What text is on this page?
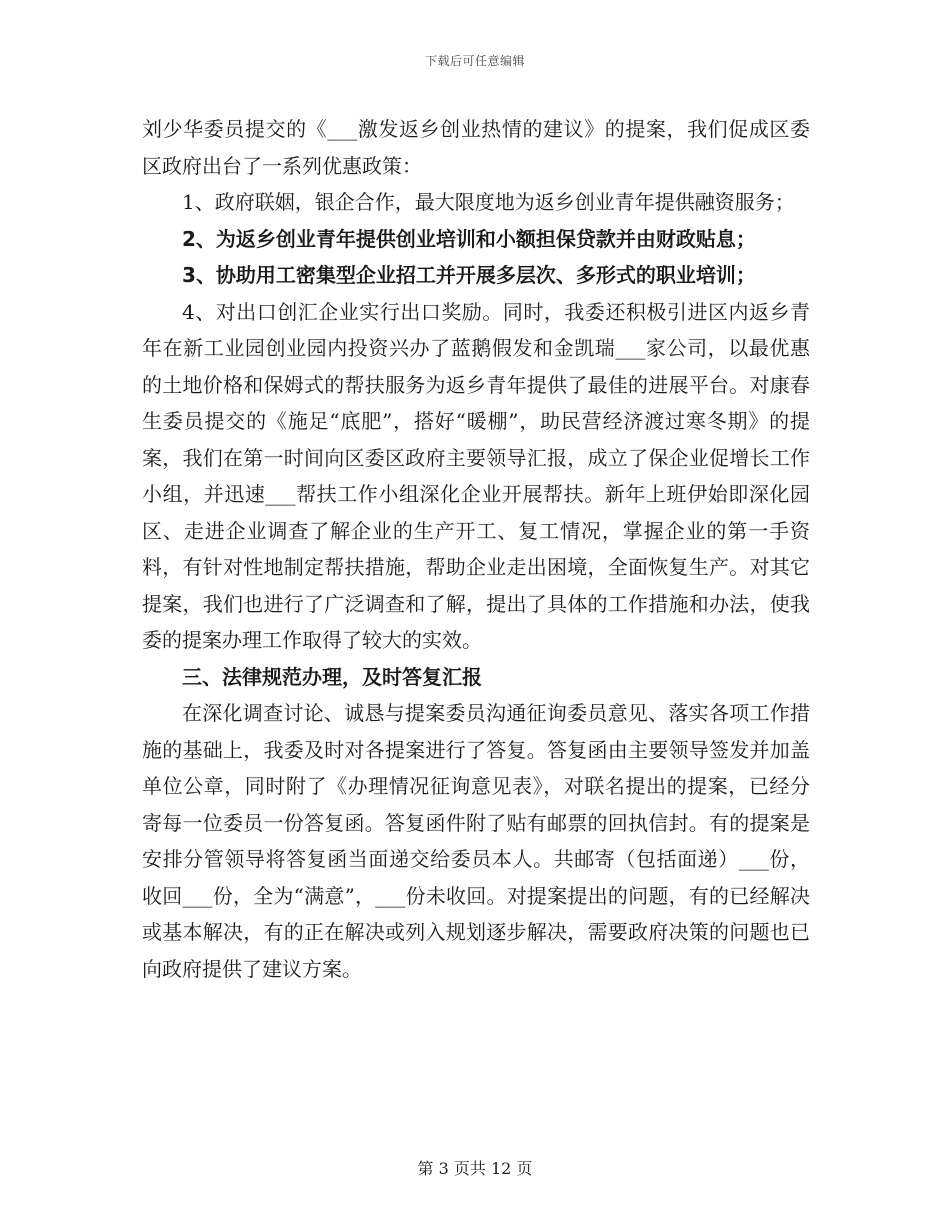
下载后可任意编辑

刘少华委员提交的《___激发返乡创业热情的建议》的提案，我们促成区委区政府出台了一系列优惠政策：

1、政府联姻，银企合作，最大限度地为返乡创业青年提供融资服务；

2、为返乡创业青年提供创业培训和小额担保贷款并由财政贴息；

3、协助用工密集型企业招工并开展多层次、多形式的职业培训；

4、对出口创汇企业实行出口奖励。同时，我委还积极引进区内返乡青年在新工业园创业园内投资兴办了蓝鹅假发和金凯瑞___家公司，以最优惠的土地价格和保姆式的帮扶服务为返乡青年提供了最佳的进展平台。对康春生委员提交的《施足“底肥”，搭好“暖棚”，助民营经济渡过寒冬期》的提案，我们在第一时间向区委区政府主要领导汇报，成立了保企业促增长工作小组，并迅速___帮扶工作小组深化企业开展帮扶。新年上班伊始即深化园区、走进企业调查了解企业的生产开工、复工情况，掌握企业的第一手资料，有针对性地制定帮扶措施，帮助企业走出困境，全面恢复生产。对其它提案，我们也进行了广泛调查和了解，提出了具体的工作措施和办法，使我委的提案办理工作取得了较大的实效。

三、法律规范办理，及时答复汇报

在深化调查讨论、诚恳与提案委员沟通征询委员意见、落实各项工作措施的基础上，我委及时对各提案进行了答复。答复函由主要领导签发并加盖单位公章，同时附了《办理情况征询意见表》，对联名提出的提案，已经分寄每一位委员一份答复函。答复函件附了贴有邮票的回执信封。有的提案是安排分管领导将答复函当面递交给委员本人。共邮寄（包括面递）___份，收回___份，全为“满意”，___份未收回。对提案提出的问题，有的已经解决或基本解决，有的正在解决或列入规划逐步解决，需要政府决策的问题也已向政府提供了建议方案。

第 3 页共 12 页
